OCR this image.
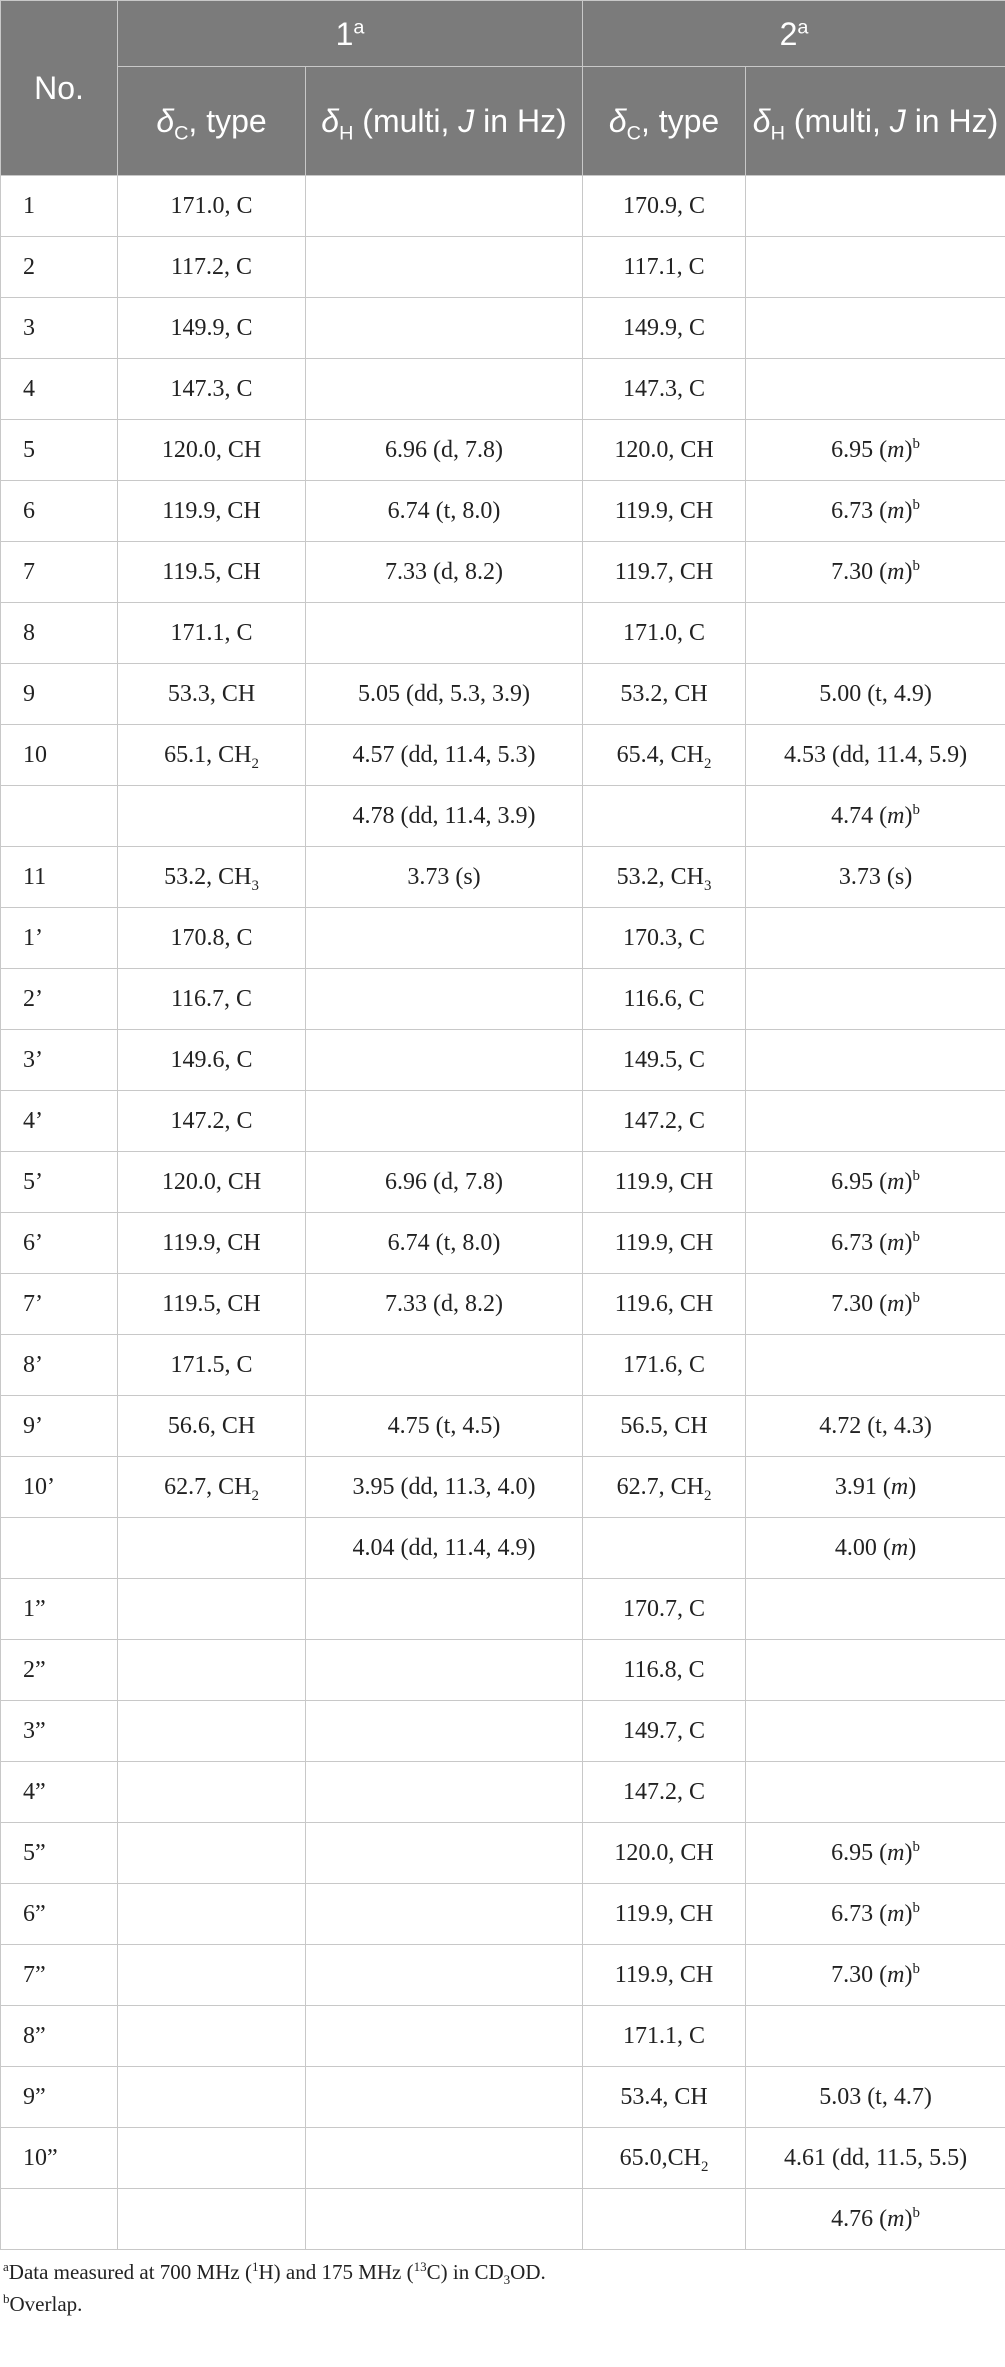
No.	1$^a$		2$^a$
	$\delta_C$, type	$\delta_H$ (multi, J in Hz)	$\delta_C$, type	$\delta_H$ (multi, J in Hz)
1	171.0, C		170.9, C	
2	117.2, C		117.1, C	
3	149.9, C		149.9, C	
4	147.3, C		147.3, C	
5	120.0, CH	6.96 (d, 7.8)	120.0, CH	6.95 $(m)^b$
6	119.9, CH	6.74 (t, 8.0)	119.9, CH	6.73 $(m)^b$
7	119.5, CH	7.33 (d, 8.2)	119.7, CH	7.30 $(m)^b$
8	171.1, C		171.0, C	
9	53.3, CH	5.05 (dd, 5.3, 3.9)	53.2, CH	5.00 (t, 4.9)
10	65.1, $CH_2$	4.57 (dd, 11.4, 5.3)	65.4, $CH_2$	4.53 (dd, 11.4, 5.9)
		4.78 (dd, 11.4, 3.9)		4.74 $(m)^b$
11	53.2, $CH_3$	3.73 (s)	53.2, $CH_3$	3.73 (s)
1’	170.8, C		170.3, C	
2’	116.7, C		116.6, C	
3’	149.6, C		149.5, C	
4’	147.2, C		147.2, C	
5’	120.0, CH	6.96 (d, 7.8)	119.9, CH	6.95 $(m)^b$
6’	119.9, CH	6.74 (t, 8.0)	119.9, CH	6.73 $(m)^b$
7’	119.5, CH	7.33 (d, 8.2)	119.6, CH	7.30 $(m)^b$
8’	171.5, C		171.6, C	
9’	56.6, CH	4.75 (t, 4.5)	56.5, CH	4.72 (t, 4.3)
10’	62.7, $CH_2$	3.95 (dd, 11.3, 4.0)	62.7, $CH_2$	3.91 (m)
		4.04 (dd, 11.4, 4.9)		4.00 (m)
1”			170.7, C	
2”			116.8, C	
3”			149.7, C	
4”			147.2, C	
5”			120.0, CH	6.95 $(m)^b$
6”			119.9, CH	6.73 $(m)^b$
7”			119.9, CH	7.30 $(m)^b$
8”			171.1, C	
9”			53.4, CH	5.03 (t, 4.7)
10”			$65.0,CH_2$	4.61 (dd, 11.5, 5.5)
				4.76 $(m)^b$

$^a$Data measured at 700 MHz ($^1$H) and 175 MHz ($^{13}$C) in $CD_3OD$.

$^b$Overlap.
